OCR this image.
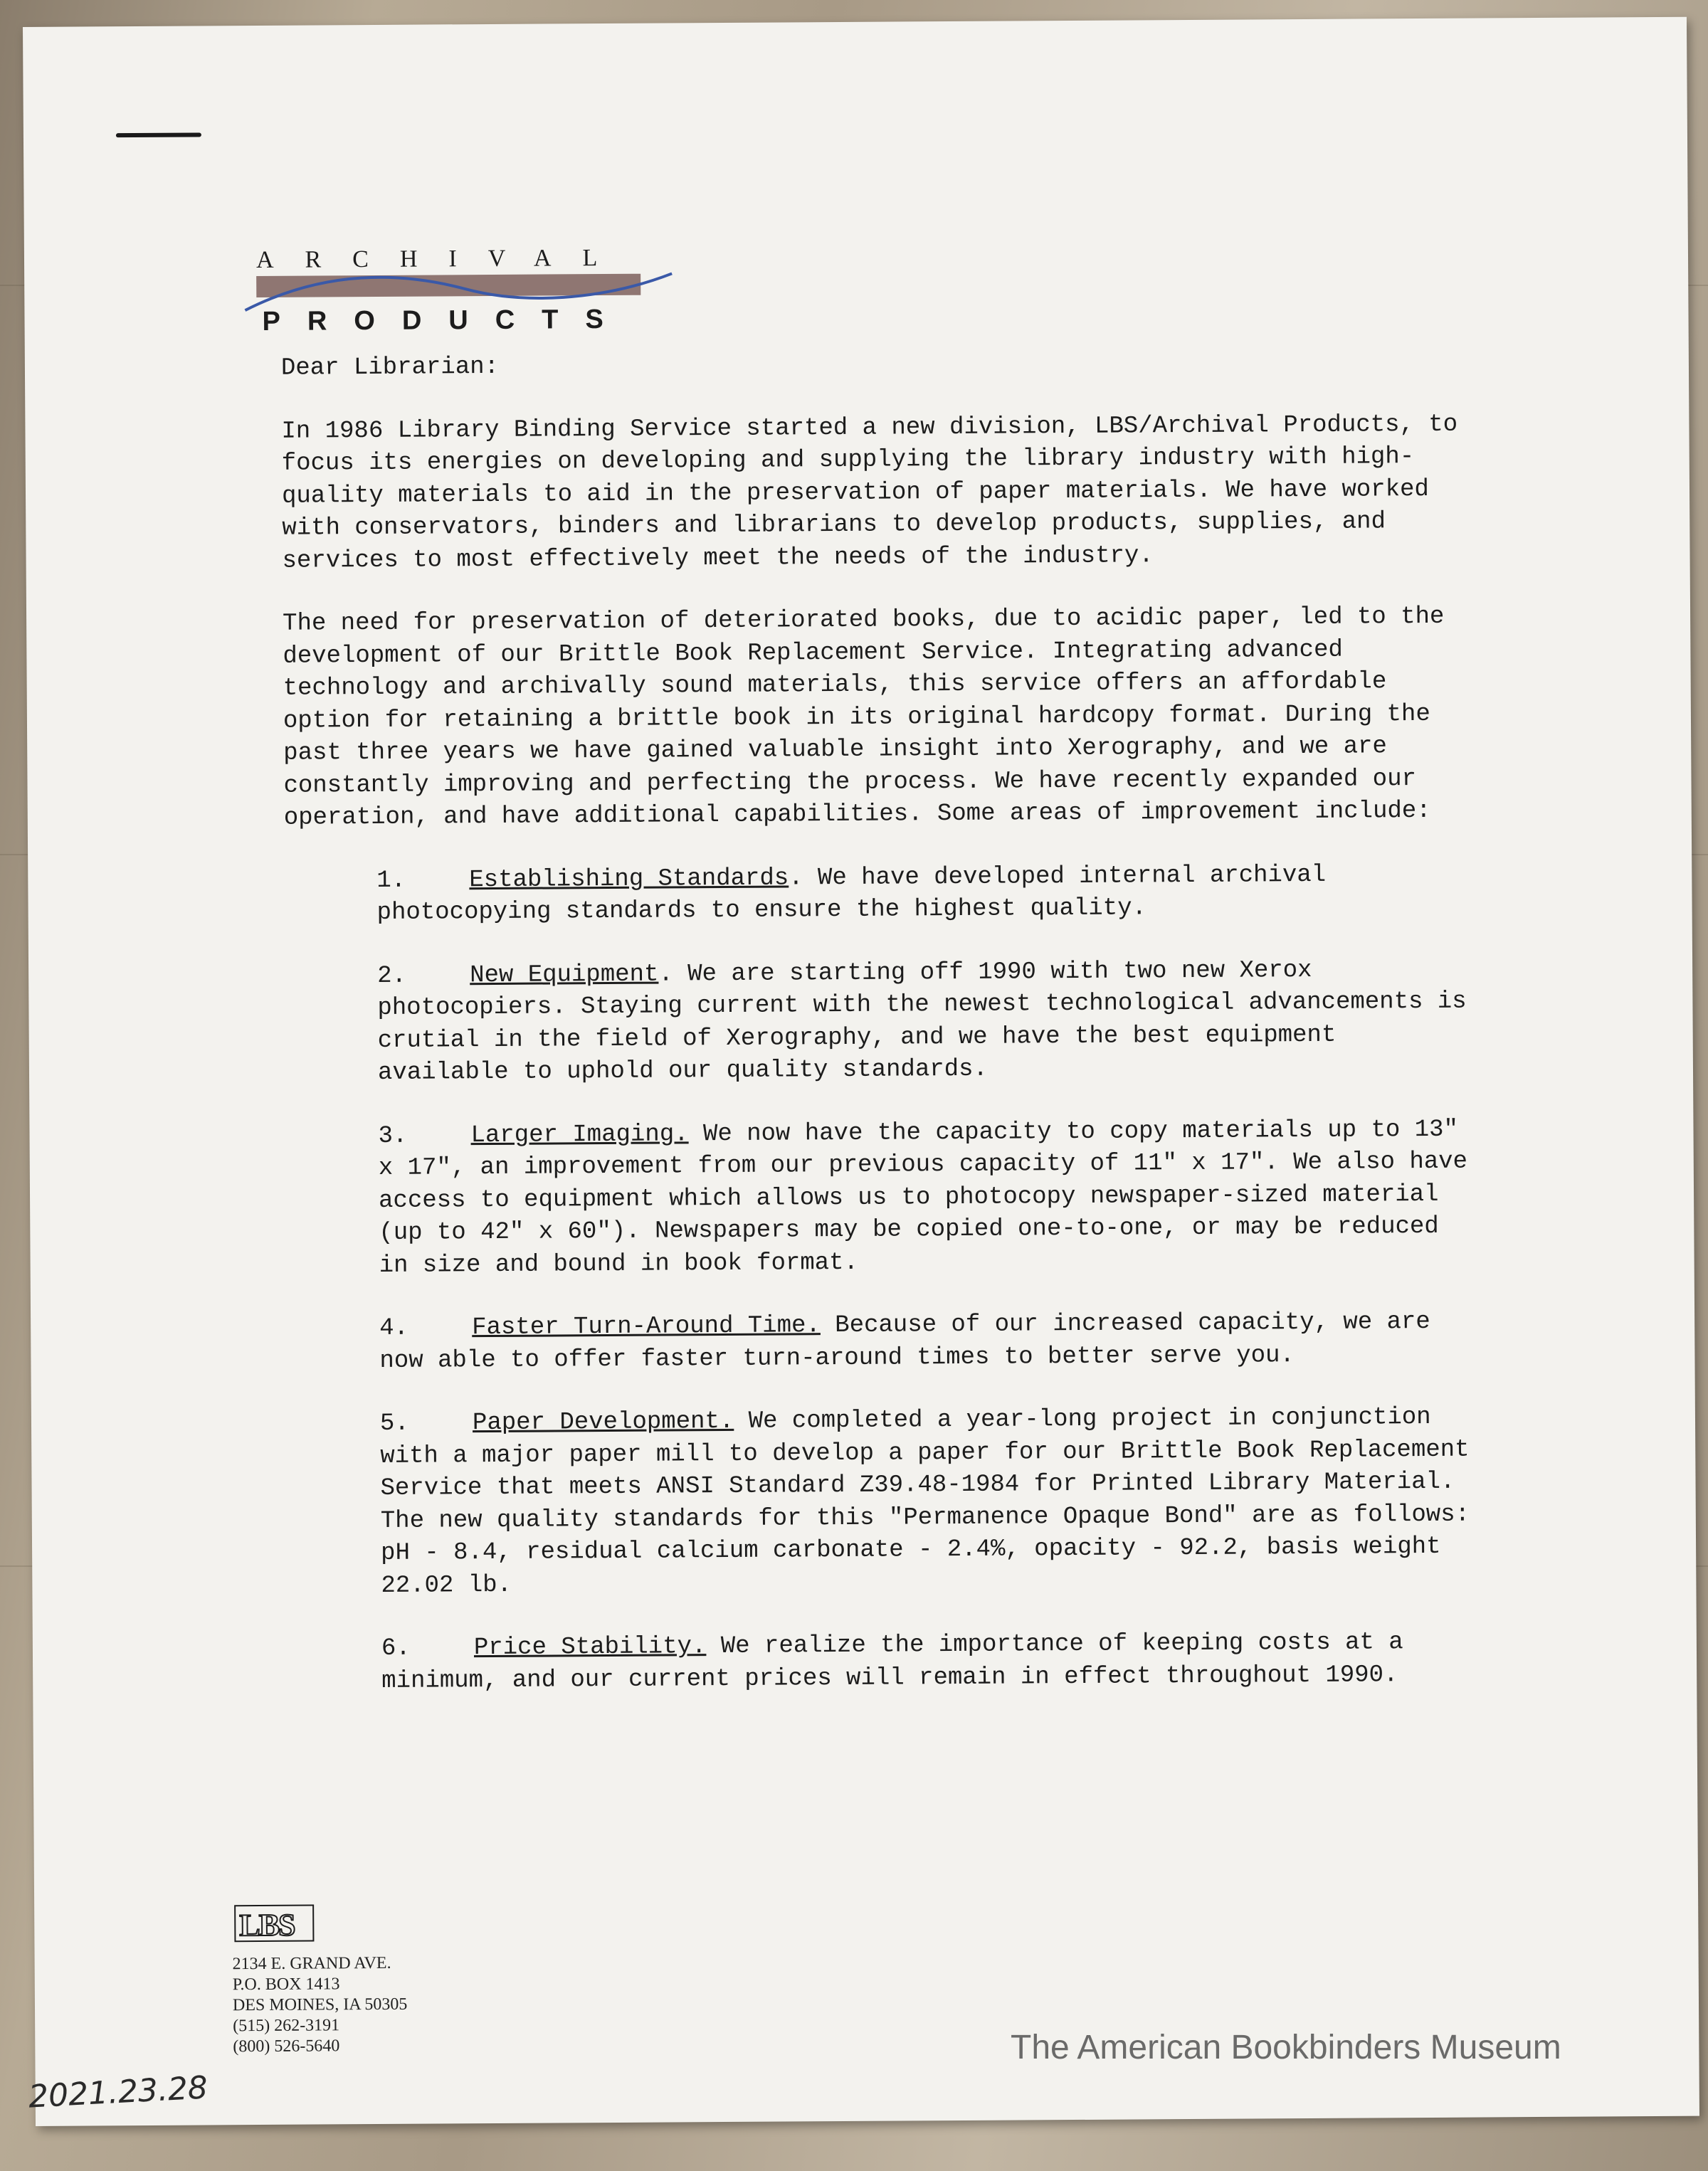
ARCHIVAL
PRODUCTS

Dear Librarian:

In 1986 Library Binding Service started a new division, LBS/Archival Products, to focus its energies on developing and supplying the library industry with high-quality materials to aid in the preservation of paper materials. We have worked with conservators, binders and librarians to develop products, supplies, and services to most effectively meet the needs of the industry.

The need for preservation of deteriorated books, due to acidic paper, led to the development of our Brittle Book Replacement Service. Integrating advanced technology and archivally sound materials, this service offers an affordable option for retaining a brittle book in its original hardcopy format. During the past three years we have gained valuable insight into Xerography, and we are constantly improving and perfecting the process. We have recently expanded our operation, and have additional capabilities. Some areas of improvement include:

1.	Establishing Standards. We have developed internal archival photocopying standards to ensure the highest quality.
2.	New Equipment. We are starting off 1990 with two new Xerox photocopiers. Staying current with the newest technological advancements is crutial in the field of Xerography, and we have the best equipment available to uphold our quality standards.
3.	Larger Imaging. We now have the capacity to copy materials up to 13" x 17", an improvement from our previous capacity of 11" x 17". We also have access to equipment which allows us to photocopy newspaper-sized material (up to 42" x 60"). Newspapers may be copied one-to-one, or may be reduced in size and bound in book format.
4.	Faster Turn-Around Time. Because of our increased capacity, we are now able to offer faster turn-around times to better serve you.
5.	Paper Development. We completed a year-long project in conjunction with a major paper mill to develop a paper for our Brittle Book Replacement Service that meets ANSI Standard Z39.48-1984 for Printed Library Material. The new quality standards for this "Permanence Opaque Bond" are as follows: pH - 8.4, residual calcium carbonate - 2.4%, opacity - 92.2, basis weight 22.02 lb.
6.	Price Stability. We realize the importance of keeping costs at a minimum, and our current prices will remain in effect throughout 1990.
LBS
2134 E. GRAND AVE.
P.O. BOX 1413
DES MOINES, IA 50305
(515) 262-3191
(800) 526-5640	The American Bookbinders Museum
2021.23.28
